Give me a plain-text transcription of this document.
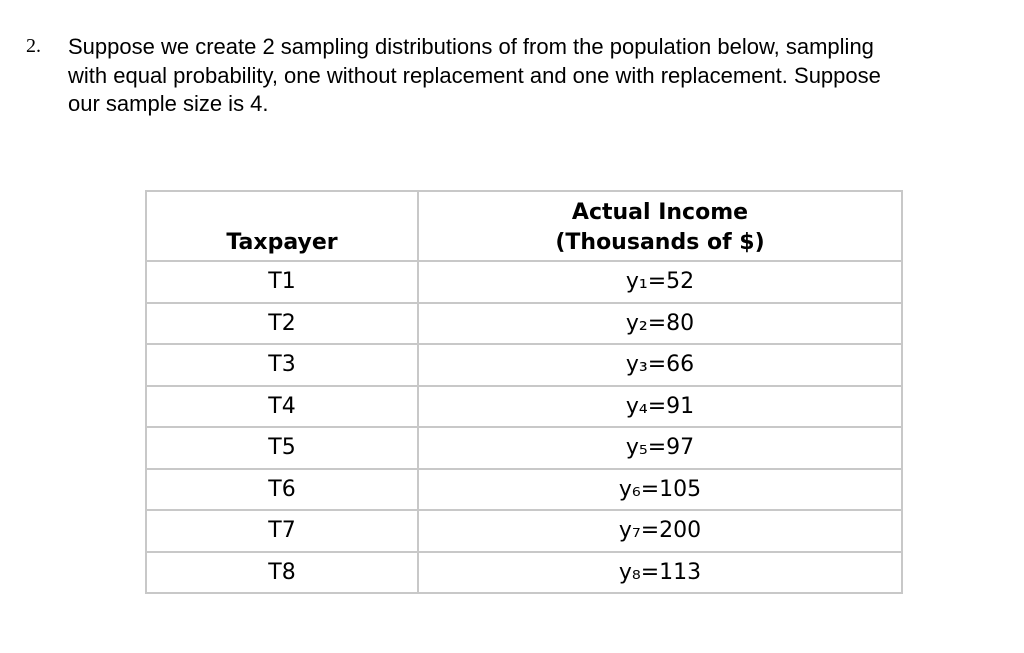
2.	Suppose we create 2 sampling distributions of from the population below, sampling
with equal probability, one without replacement and one with replacement. Suppose
our sample size is 4.
Taxpayer	Actual Income
(Thousands of $)

T1	y₁=52
T2	y₂=80
T3	y₃=66
T4	y₄=91
T5	y₅=97
T6	y₆=105
T7	y₇=200
T8	y₈=113
